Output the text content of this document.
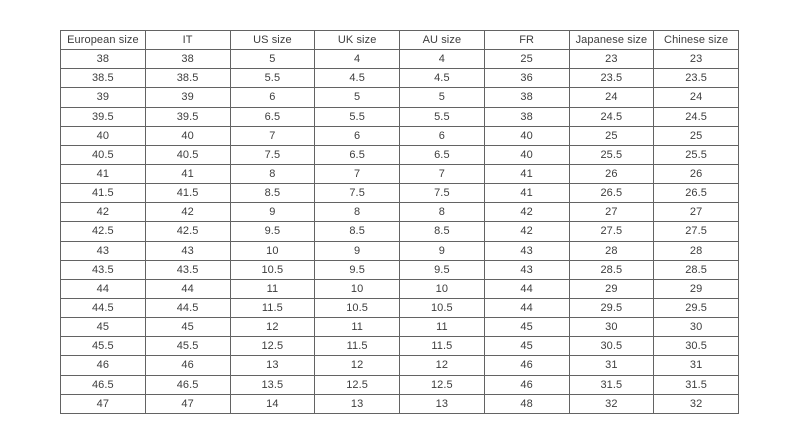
European size	IT	US size	UK size	AU size	FR	Japanese size	Chinese size
38	38	5	4	4	25	23	23
38.5	38.5	5.5	4.5	4.5	36	23.5	23.5
39	39	6	5	5	38	24	24
39.5	39.5	6.5	5.5	5.5	38	24.5	24.5
40	40	7	6	6	40	25	25
40.5	40.5	7.5	6.5	6.5	40	25.5	25.5
41	41	8	7	7	41	26	26
41.5	41.5	8.5	7.5	7.5	41	26.5	26.5
42	42	9	8	8	42	27	27
42.5	42.5	9.5	8.5	8.5	42	27.5	27.5
43	43	10	9	9	43	28	28
43.5	43.5	10.5	9.5	9.5	43	28.5	28.5
44	44	11	10	10	44	29	29
44.5	44.5	11.5	10.5	10.5	44	29.5	29.5
45	45	12	11	11	45	30	30
45.5	45.5	12.5	11.5	11.5	45	30.5	30.5
46	46	13	12	12	46	31	31
46.5	46.5	13.5	12.5	12.5	46	31.5	31.5
47	47	14	13	13	48	32	32
